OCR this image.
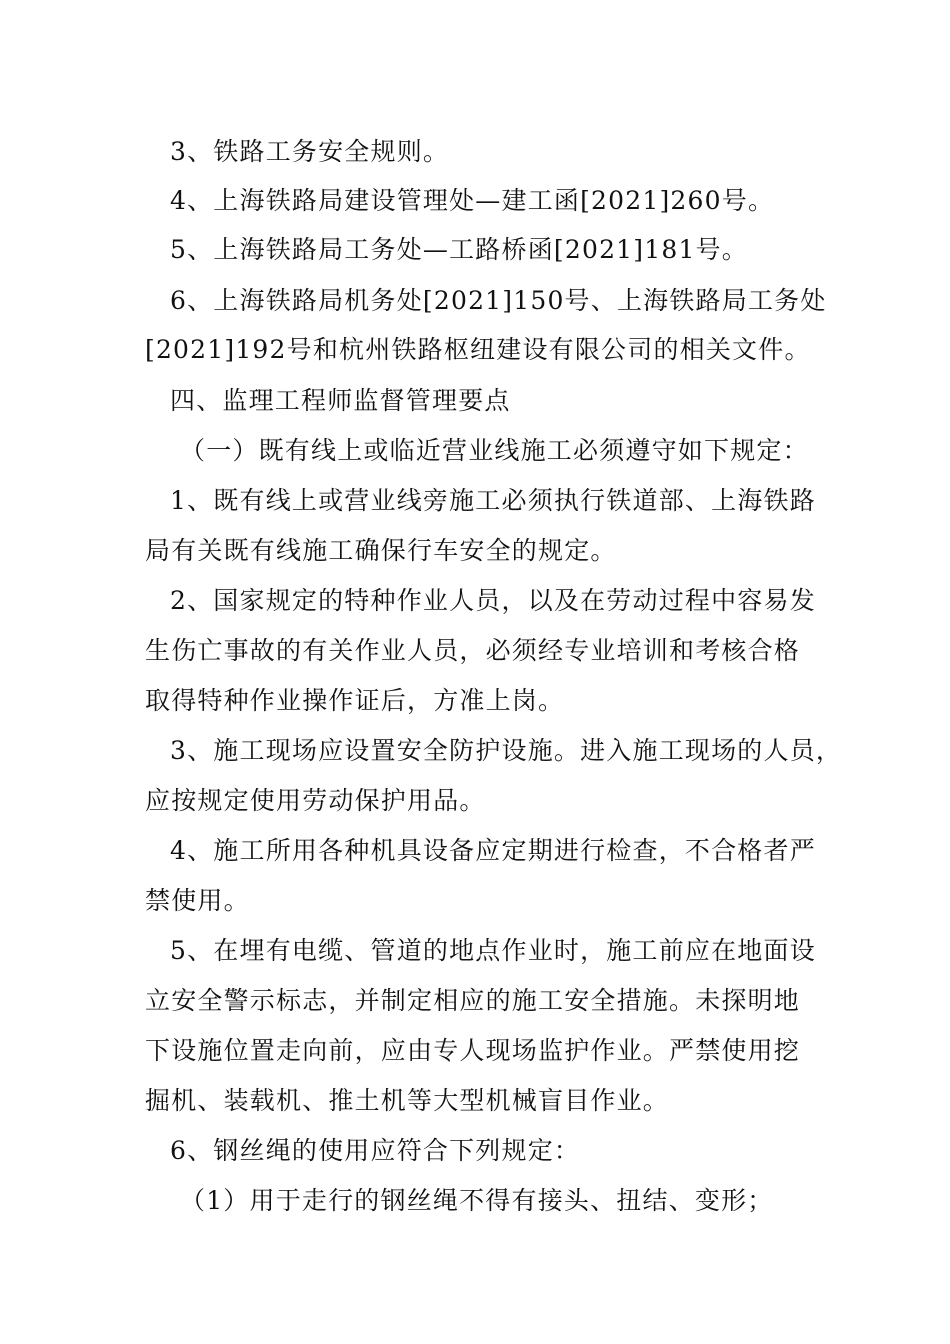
3、铁路工务安全规则。
4、上海铁路局建设管理处—建工函[2021]260号。
5、上海铁路局工务处—工路桥函[2021]181号。
6、上海铁路局机务处[2021]150号、上海铁路局工务处
[2021]192号和杭州铁路枢纽建设有限公司的相关文件。
四、监理工程师监督管理要点
（一）既有线上或临近营业线施工必须遵守如下规定：
1、既有线上或营业线旁施工必须执行铁道部、上海铁路
局有关既有线施工确保行车安全的规定。
2、国家规定的特种作业人员，以及在劳动过程中容易发
生伤亡事故的有关作业人员，必须经专业培训和考核合格
取得特种作业操作证后，方准上岗。
3、施工现场应设置安全防护设施。进入施工现场的人员，
应按规定使用劳动保护用品。
4、施工所用各种机具设备应定期进行检查，不合格者严
禁使用。
5、在埋有电缆、管道的地点作业时，施工前应在地面设
立安全警示标志，并制定相应的施工安全措施。未探明地
下设施位置走向前，应由专人现场监护作业。严禁使用挖
掘机、装载机、推土机等大型机械盲目作业。
6、钢丝绳的使用应符合下列规定：
（1）用于走行的钢丝绳不得有接头、扭结、变形；
